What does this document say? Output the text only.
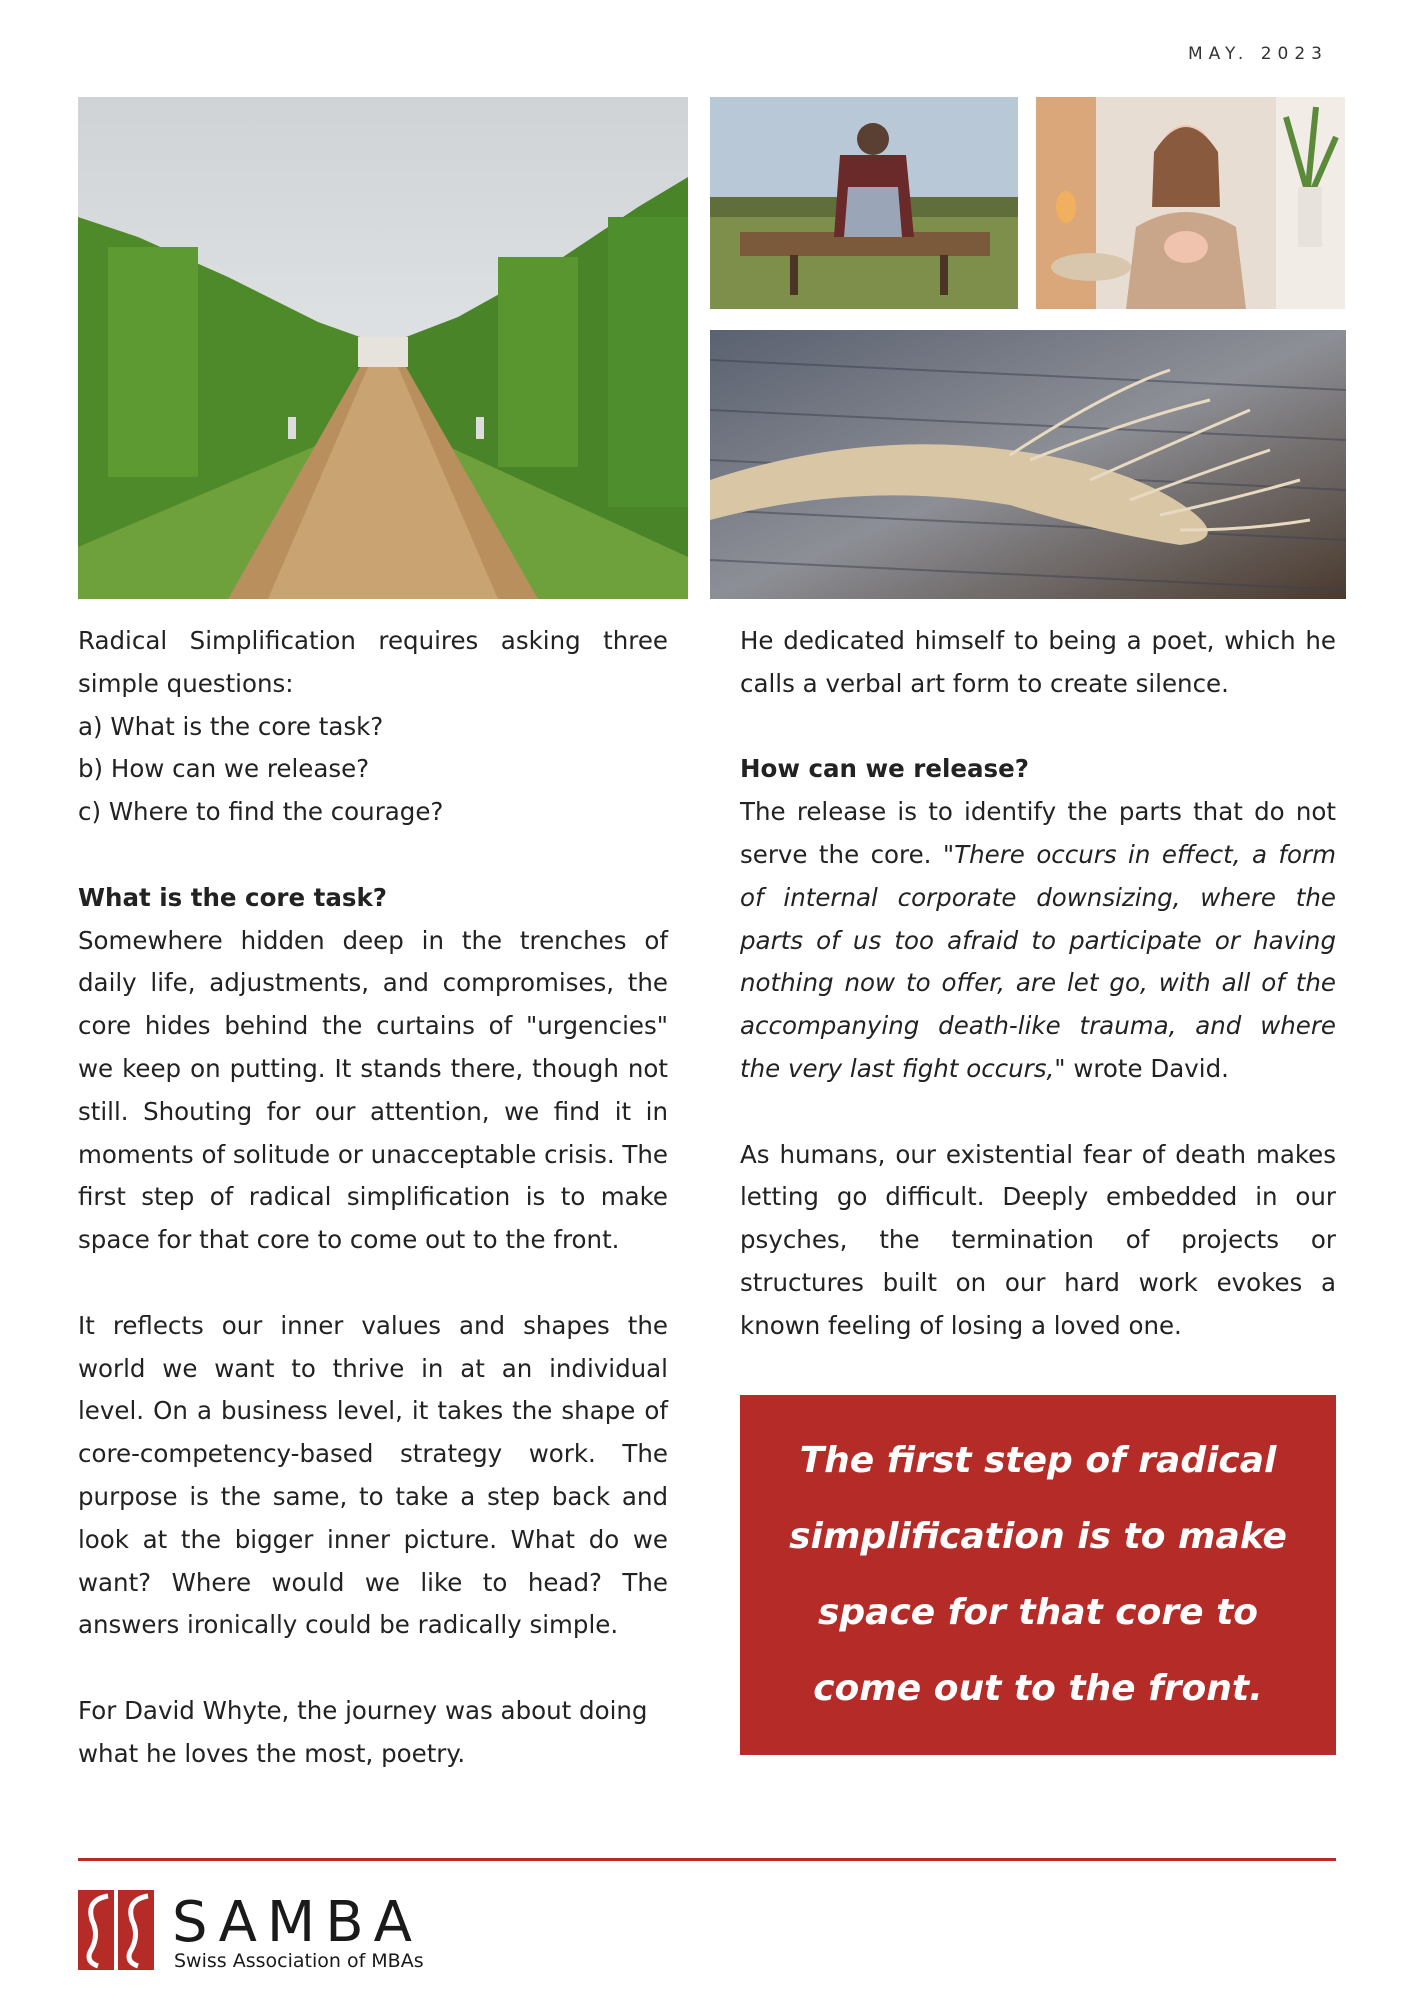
MAY. 2023

Radical Simplification requires asking three simple questions:

a) What is the core task?

b) How can we release?

c) Where to find the courage?

What is the core task?

Somewhere hidden deep in the trenches of daily life, adjustments, and compromises, the core hides behind the curtains of "urgencies" we keep on putting. It stands there, though not still. Shouting for our attention, we find it in moments of solitude or unacceptable crisis. The first step of radical simplification is to make space for that core to come out to the front.

It reflects our inner values and shapes the world we want to thrive in at an individual level. On a business level, it takes the shape of core-competency-based strategy work. The purpose is the same, to take a step back and look at the bigger inner picture. What do we want? Where would we like to head? The answers ironically could be radically simple.

For David Whyte, the journey was about doing what he loves the most, poetry.

He dedicated himself to being a poet, which he calls a verbal art form to create silence.

How can we release?

The release is to identify the parts that do not serve the core. "There occurs in effect, a form of internal corporate downsizing, where the parts of us too afraid to participate or having nothing now to offer, are let go, with all of the accompanying death-like trauma, and where the very last fight occurs," wrote David.

As humans, our existential fear of death makes letting go difficult. Deeply embedded in our psyches, the termination of projects or structures built on our hard work evokes a known feeling of losing a loved one.

The first step of radical simplification is to make space for that core to come out to the front.
SAMBA
Swiss Association of MBAs
